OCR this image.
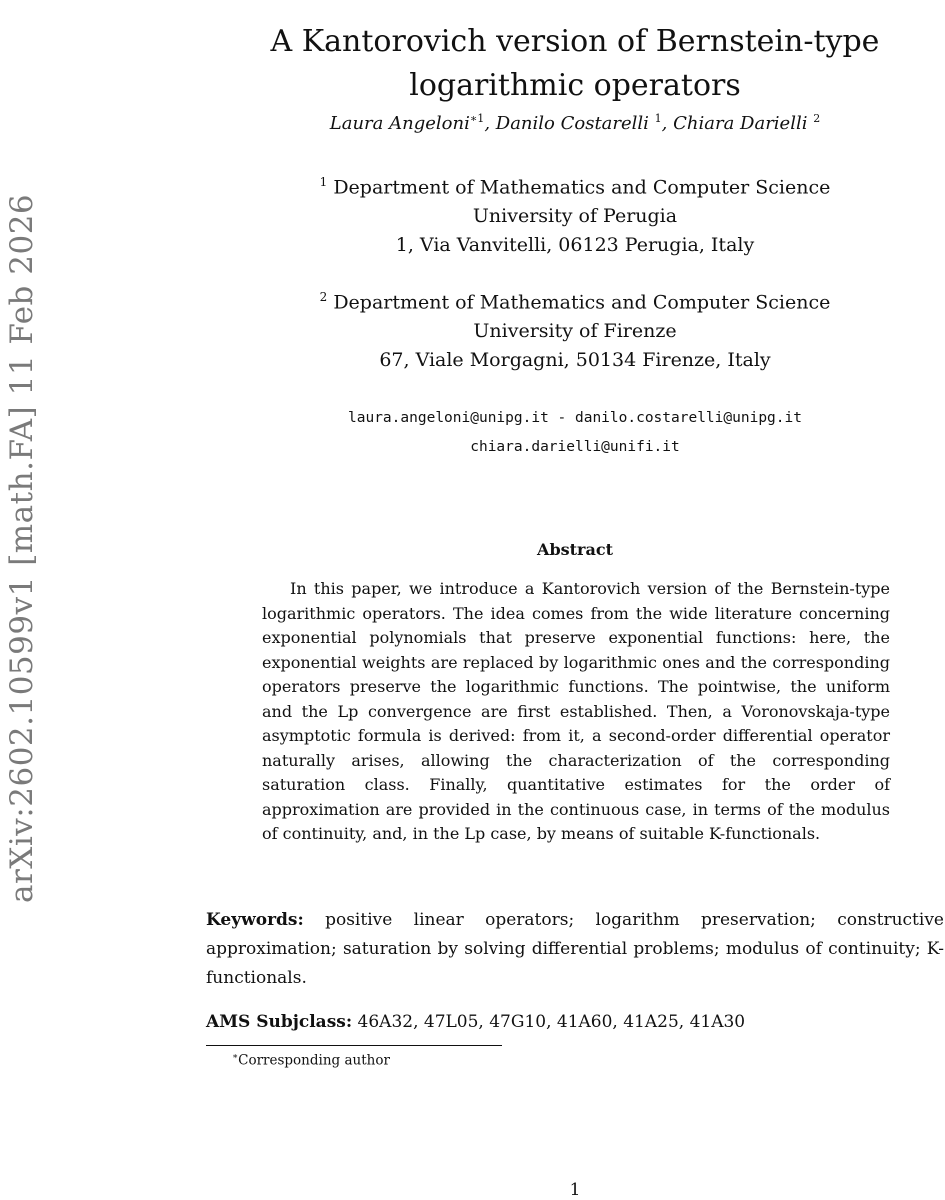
arXiv:2602.10599v1 [math.FA] 11 Feb 2026
A Kantorovich version of Bernstein-type logarithmic operators
Laura Angeloni$^{∗1}$, Danilo Costarelli $^1$, Chiara Darielli $^2$
$^1$ Department of Mathematics and Computer Science
University of Perugia
1, Via Vanvitelli, 06123 Perugia, Italy
$^2$ Department of Mathematics and Computer Science
University of Firenze
67, Viale Morgagni, 50134 Firenze, Italy
laura.angeloni@unipg.it - danilo.costarelli@unipg.it
chiara.darielli@unifi.it
Abstract

In this paper, we introduce a Kantorovich version of the Bernstein-type logarithmic operators. The idea comes from the wide literature concerning exponential polynomials that preserve exponential functions: here, the exponential weights are replaced by logarithmic ones and the corresponding operators preserve the logarithmic functions. The pointwise, the uniform and the Lp convergence are first established. Then, a Voronovskaja-type asymptotic formula is derived: from it, a second-order differential operator naturally arises, allowing the characterization of the corresponding saturation class. Finally, quantitative estimates for the order of approximation are provided in the continuous case, in terms of the modulus of continuity, and, in the Lp case, by means of suitable K-functionals.

Keywords: positive linear operators; logarithm preservation; constructive approximation; saturation by solving differential problems; modulus of continuity; K-functionals.

AMS Subjclass: 46A32, 47L05, 47G10, 41A60, 41A25, 41A30

∗Corresponding author
1
